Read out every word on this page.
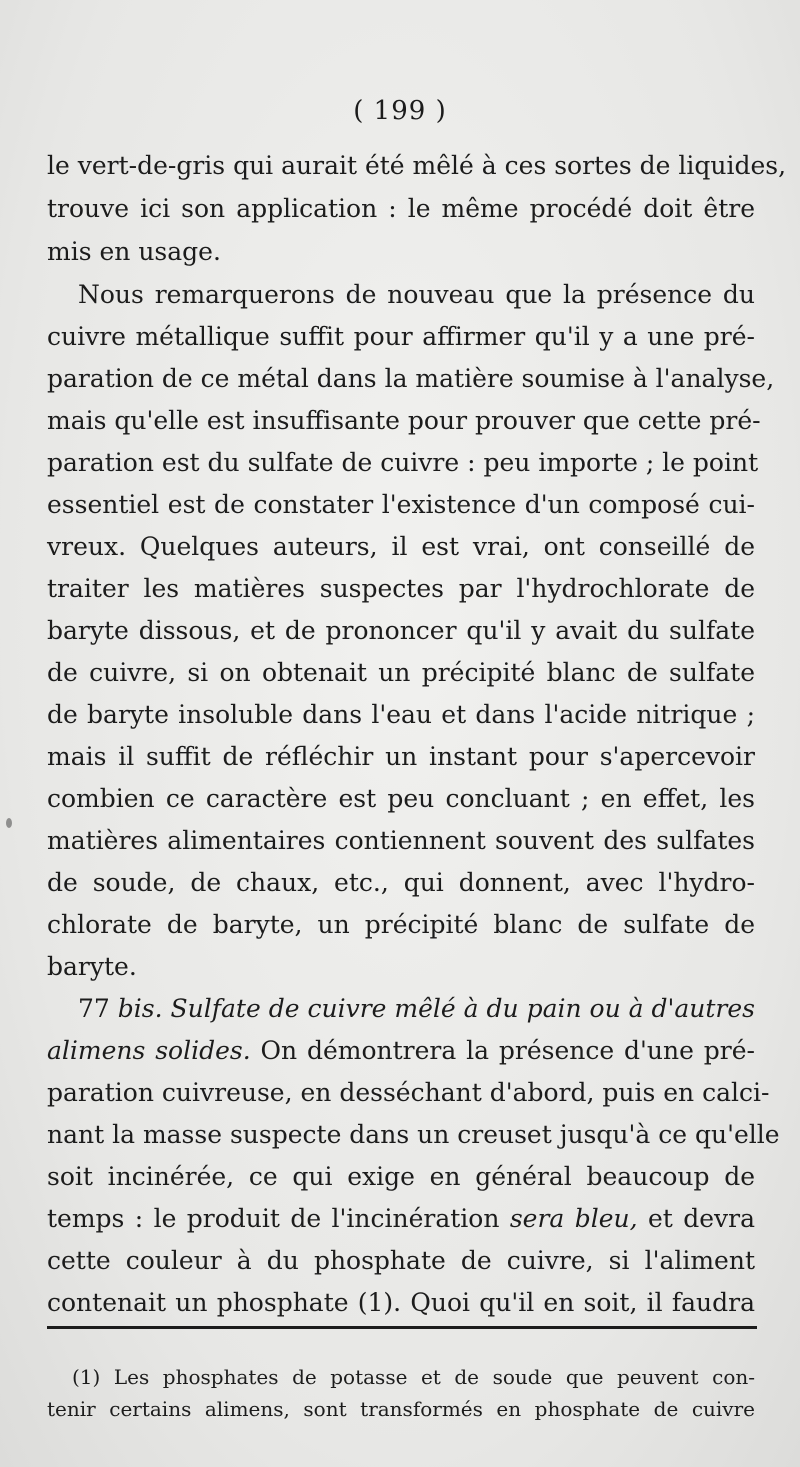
( 199 )
le vert-de-gris qui aurait été mêlé à ces sortes de liquides,
trouve ici son application : le même procédé doit être
mis en usage.
Nous remarquerons de nouveau que la présence du
cuivre métallique suffit pour affirmer qu'il y a une pré-
paration de ce métal dans la matière soumise à l'analyse,
mais qu'elle est insuffisante pour prouver que cette pré-
paration est du sulfate de cuivre : peu importe ; le point
essentiel est de constater l'existence d'un composé cui-
vreux. Quelques auteurs, il est vrai, ont conseillé de
traiter les matières suspectes par l'hydrochlorate de
baryte dissous, et de prononcer qu'il y avait du sulfate
de cuivre, si on obtenait un précipité blanc de sulfate
de baryte insoluble dans l'eau et dans l'acide nitrique ;
mais il suffit de réfléchir un instant pour s'apercevoir
combien ce caractère est peu concluant ; en effet, les
matières alimentaires contiennent souvent des sulfates
de soude, de chaux, etc., qui donnent, avec l'hydro-
chlorate de baryte, un précipité blanc de sulfate de
baryte.
77 bis. Sulfate de cuivre mêlé à du pain ou à d'autres
alimens solides. On démontrera la présence d'une pré-
paration cuivreuse, en desséchant d'abord, puis en calci-
nant la masse suspecte dans un creuset jusqu'à ce qu'elle
soit incinérée, ce qui exige en général beaucoup de
temps : le produit de l'incinération sera bleu, et devra
cette couleur à du phosphate de cuivre, si l'aliment
contenait un phosphate (1). Quoi qu'il en soit, il faudra
(1) Les phosphates de potasse et de soude que peuvent con-
tenir certains alimens, sont transformés en phosphate de cuivre
